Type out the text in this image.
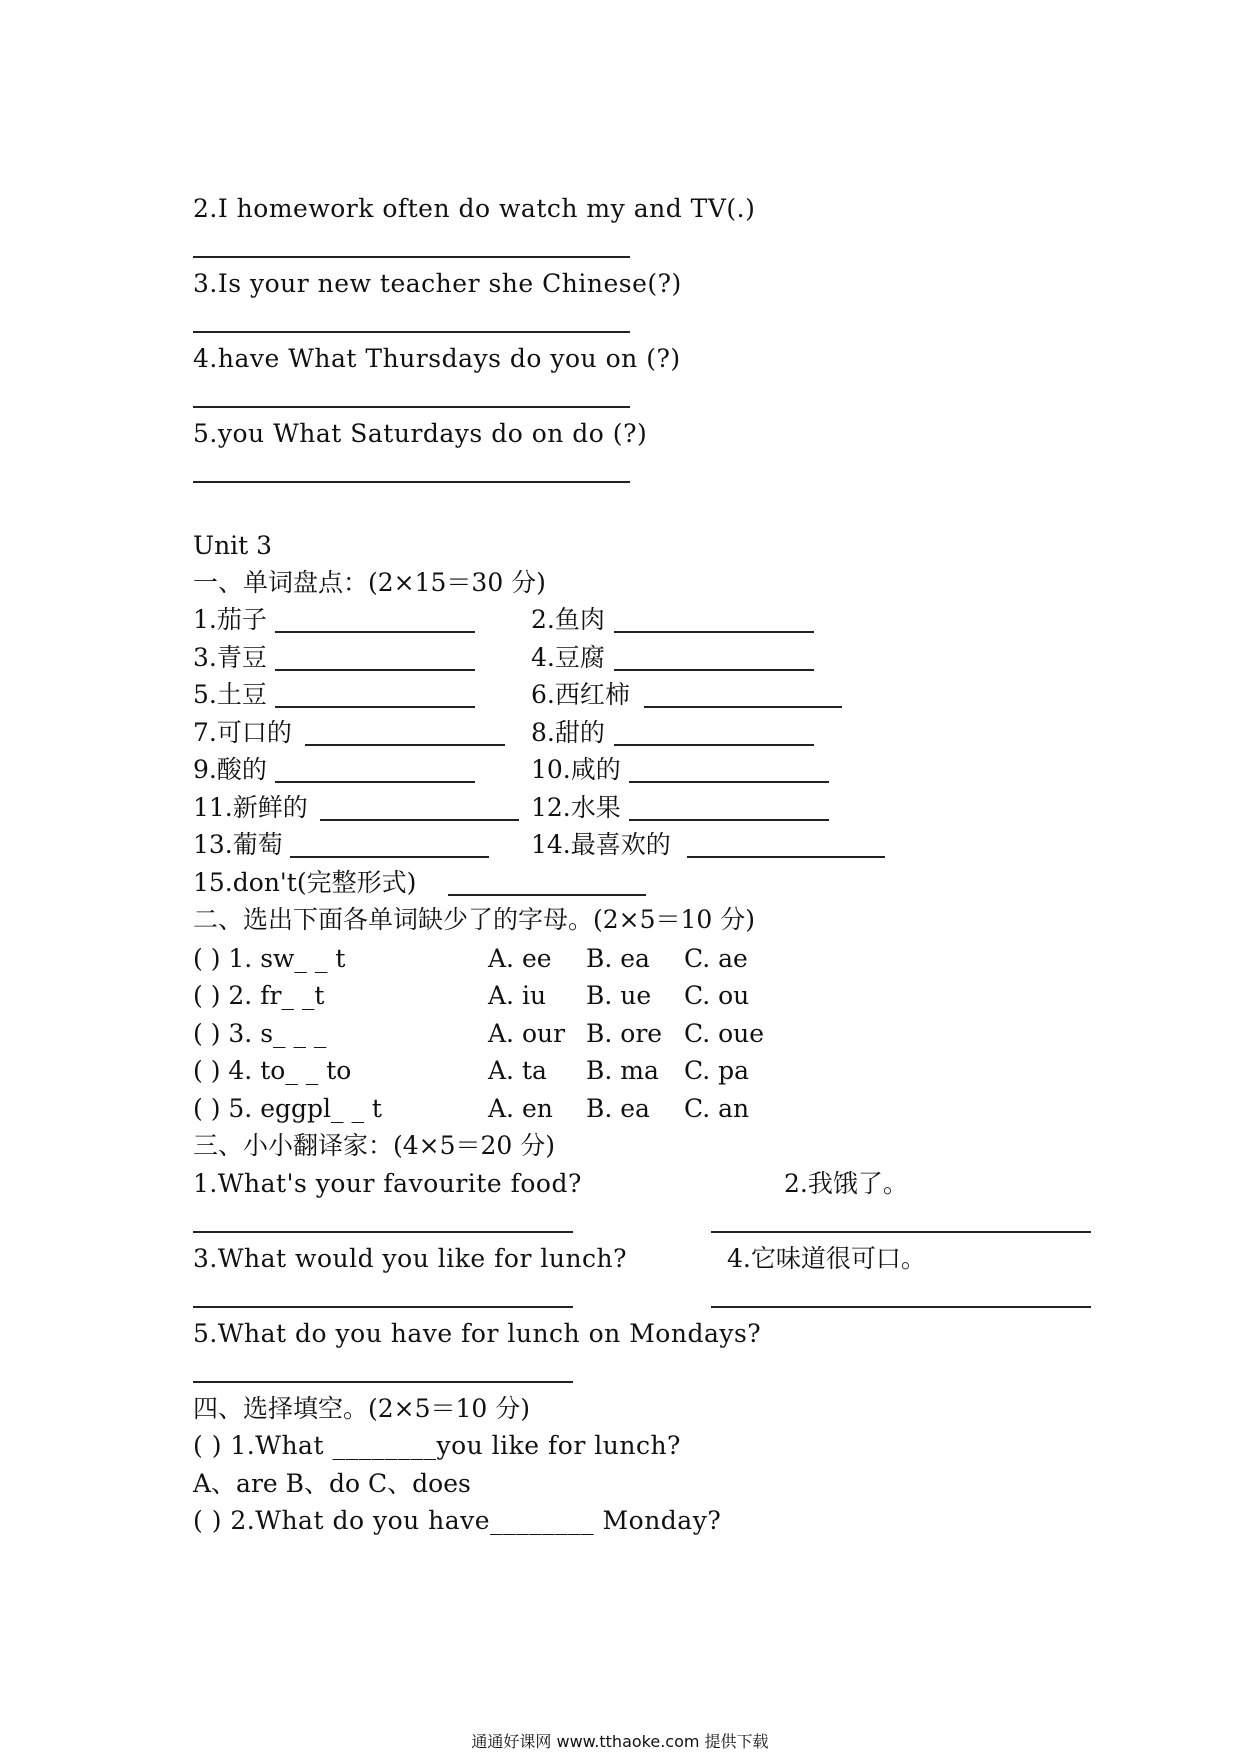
2.I homework often do watch my and TV(.)
3.Is your new teacher she Chinese(?)
4.have What Thursdays do you on (?)
5.you What Saturdays do on do (?)
Unit 3
一、单词盘点：(2×15＝30 分)
1.茄子	2.鱼肉
3.青豆	4.豆腐
5.土豆	6.西红柿
7.可口的	8.甜的
9.酸的	10.咸的
11.新鲜的	12.水果
13.葡萄	14.最喜欢的
15.don't(完整形式)
二、选出下面各单词缺少了的字母。(2×5＝10 分)
( ) 1. sw_ _ t	A. ee B. ea C. ae
( ) 2. fr_ _t	A. iu B. ue C. ou
( ) 3. s_ _ _	A. our B. ore C. oue
( ) 4. to_ _ to	A. ta B. ma C. pa
( ) 5. eggpl_ _ t	A. en B. ea C. an
三、小小翻译家：(4×5＝20 分)
1.What's your favourite food?	2.我饿了。
3.What would you like for lunch?	4.它味道很可口。
5.What do you have for lunch on Mondays?
四、选择填空。(2×5＝10 分)
( ) 1.What ________you like for lunch?
A、are B、do C、does
( ) 2.What do you have________ Monday?
通通好课网 www.tthaoke.com 提供下载
